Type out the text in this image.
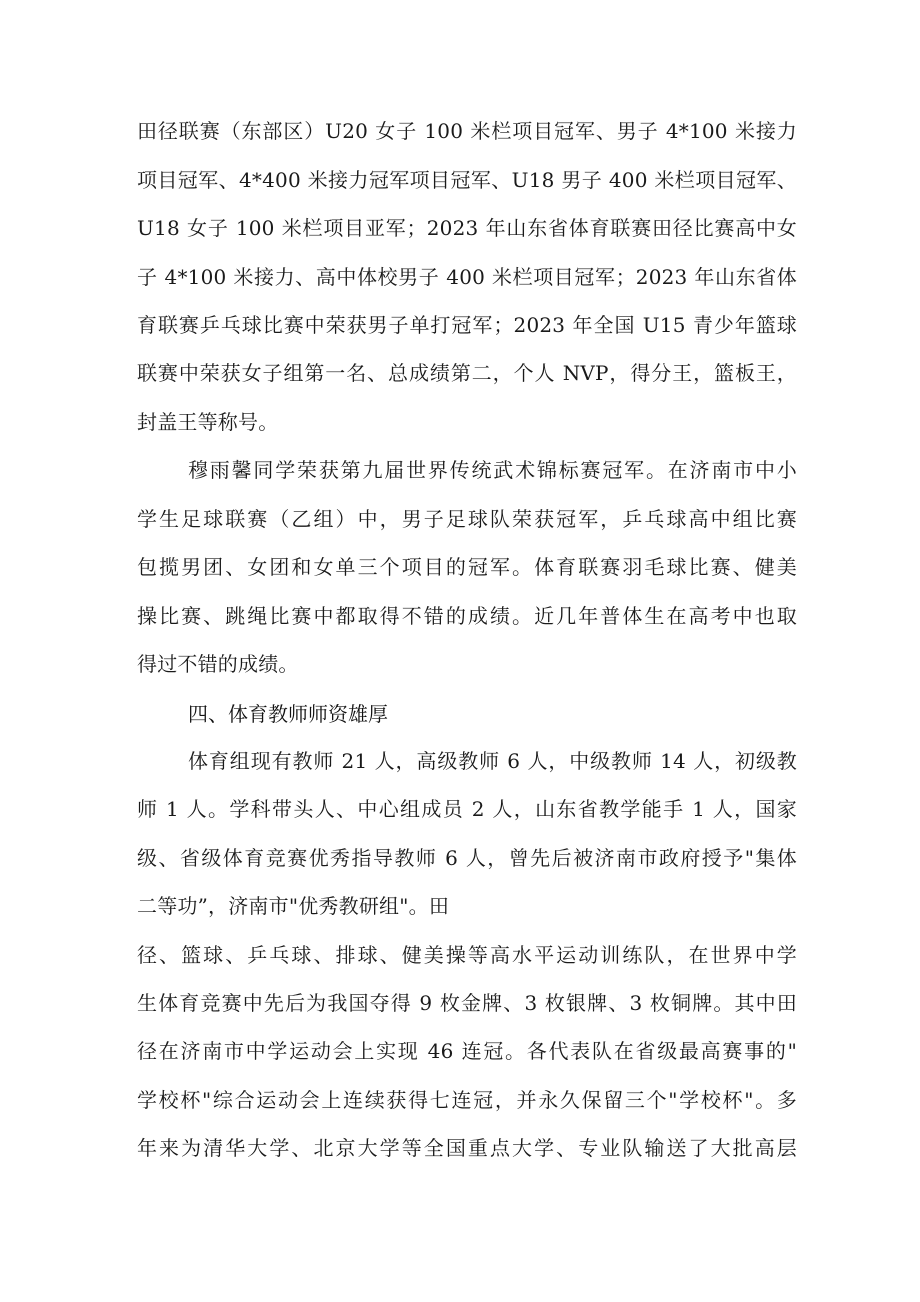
田径联赛（东部区）U20 女子 100 米栏项目冠军、男子 4*100 米接力
项目冠军、4*400 米接力冠军项目冠军、U18 男子 400 米栏项目冠军、
U18 女子 100 米栏项目亚军；2023 年山东省体育联赛田径比赛高中女
子 4*100 米接力、高中体校男子 400 米栏项目冠军；2023 年山东省体
育联赛乒乓球比赛中荣获男子单打冠军；2023 年全国 U15 青少年篮球
联赛中荣获女子组第一名、总成绩第二，个人 NVP，得分王，篮板王，
封盖王等称号。
穆雨馨同学荣获第九届世界传统武术锦标赛冠军。在济南市中小
学生足球联赛（乙组）中，男子足球队荣获冠军，乒乓球高中组比赛
包揽男团、女团和女单三个项目的冠军。体育联赛羽毛球比赛、健美
操比赛、跳绳比赛中都取得不错的成绩。近几年普体生在高考中也取
得过不错的成绩。
四、体育教师师资雄厚
体育组现有教师 21 人，高级教师 6 人，中级教师 14 人，初级教
师 1 人。学科带头人、中心组成员 2 人，山东省教学能手 1 人，国家
级、省级体育竞赛优秀指导教师 6 人，曾先后被济南市政府授予"集体
二等功”，济南市"优秀教研组"。田
径、篮球、乒乓球、排球、健美操等高水平运动训练队，在世界中学
生体育竞赛中先后为我国夺得 9 枚金牌、3 枚银牌、3 枚铜牌。其中田
径在济南市中学运动会上实现 46 连冠。各代表队在省级最高赛事的"
学校杯"综合运动会上连续获得七连冠，并永久保留三个"学校杯"。多
年来为清华大学、北京大学等全国重点大学、专业队输送了大批高层
